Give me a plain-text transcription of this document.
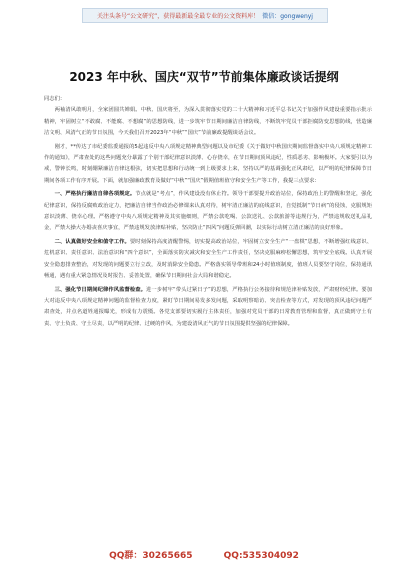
关注头条号“公文研究”，获得最新最全最专业的公文资料库！ 微信：gongwenyj
2023 年中秋、国庆“双节”节前集体廉政谈话提纲

同志们：

两袖清风敢明月，全家团圆共婵娟。中秋、国庆将至，为深入贯彻落实党的二十大精神和习近平总书记关于加强作风建设重要指示批示精神，牢固树立“不敢腐、不能腐、不想腐”的思想防线，进一步筑牢节日期间廉洁自律防线，不断筑牢党员干部拒腐防变思想防线，营造廉洁文明、风清气正的节日氛围，今天我们召开2023年“中秋”“国庆”节前廉政提醒谈话会议。

刚才，**传达了市纪委监委通报的5起违反中央八项规定精神典型问题以及市纪委《关于做好中秋国庆期间监督落实中央八项规定精神工作的通知》，严肃查处的这些问题充分暴露了个别干部纪律意识淡薄、心存侥幸，在节日期间顶风违纪，性质恶劣、影响极坏。大家要引以为戒，警钟长鸣，时刻绷紧廉洁自律这根弦，切实把思想和行动统一到上级要求上来，坚持以严的基调强化正风肃纪，以严明的纪律保障节日期间各项工作有序开展。下面，就加强廉政教育及做好“中秋”“国庆”假期值班值守和安全生产等工作，我提三点要求：

一、严格执行廉洁自律各项规定。节点就是“考点”，作风建设没有休止符。领导干部要提升政治站位，保持政治上的警醒和坚定，强化纪律意识，保持反腐败政治定力，把廉洁自律当作政治必修课来认真对待，树牢清正廉洁的底线意识，自觉抵制“节日病”的侵蚀，克服规矩意识淡薄、侥幸心理。严格遵守中央八项规定精神及其实施细则，严禁公款吃喝、公款送礼、公款旅游等违规行为，严禁违规收送礼品礼金，严禁大操大办婚丧喜庆事宜，严禁违规发放津贴补贴，坚决防止“四风”问题反弹回潮，以实际行动树立清正廉洁的良好形象。

二、认真做好安全和值守工作。要时刻保持高度清醒警惕，切实提高政治站位，牢固树立安全生产“一盘棋”思想，不断增强红线意识、危机意识、责任意识、法治意识和“四个意识”，全面落实防灾减灾和安全生产工作责任，坚决克服麻痹松懈思想，筑牢安全底线。认真开展安全隐患排查整治，对发现的问题要立行立改，及时消除安全隐患。严格落实领导带班和24小时值班制度，值班人员要坚守岗位，保持通讯畅通，遇有重大紧急情况及时报告、妥善处置，确保节日期间社会大局和谐稳定。

三、强化节日期间纪律作风监督检查。进一步树牢“带头过紧日子”的思想，严格执行公务接待和规范津补贴发放，严肃财经纪律。要加大对违反中央八项规定精神问题的监督检查力度，紧盯节日期间易发多发问题，采取明察暗访、突击检查等方式，对发现的顶风违纪问题严肃查处，并点名道姓通报曝光，形成有力震慑。各党支部要切实履行主体责任，加强对党员干部的日常教育管理和监督，真正做到守土有责、守土负责、守土尽责，以严明的纪律、过硬的作风，为建设清风正气的节日氛围提供坚强的纪律保障。

QQ群：30265665	QQ:535304092
